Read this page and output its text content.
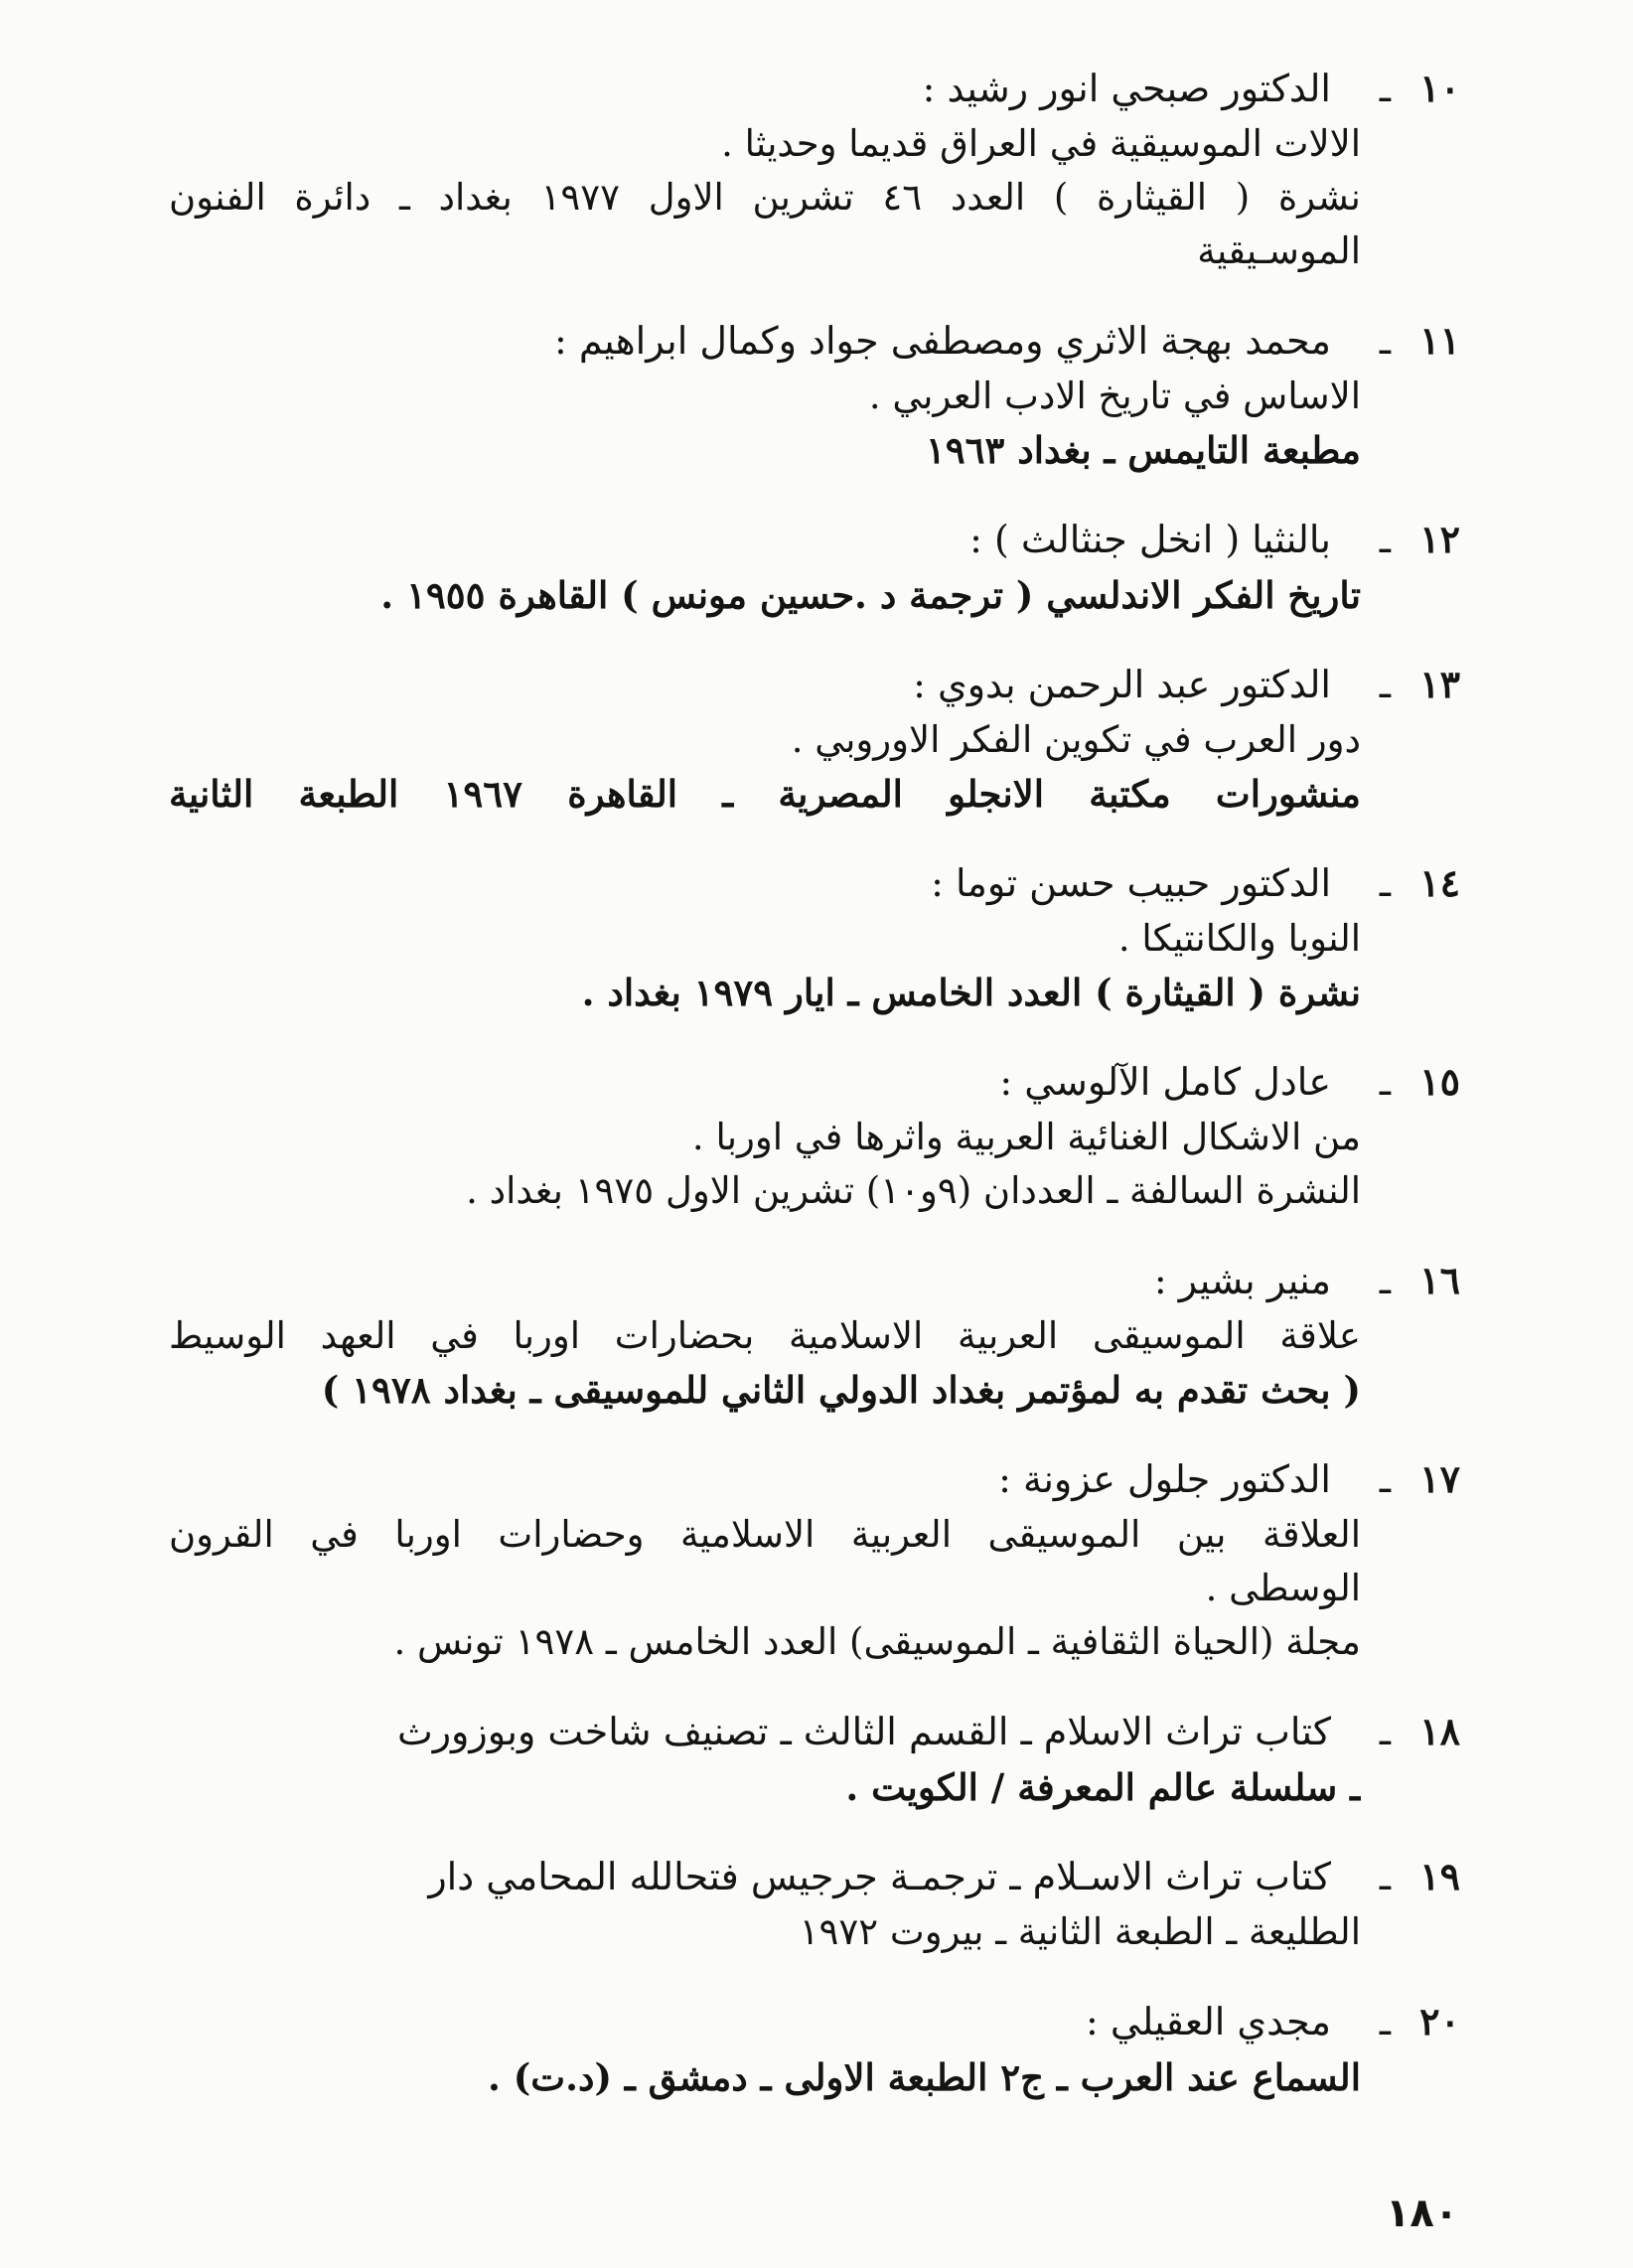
١٠
ـ
الدكتور صبحي انور رشيد :
الالات الموسيقية في العراق قديما وحديثا .
نشرة ( القيثارة ) العدد ٤٦ تشرين الاول ١٩٧٧ بغداد ـ دائرة الفنون
الموسـيقية
١١
ـ
محمد بهجة الاثري ومصطفى جواد وكمال ابراهيم :
الاساس في تاريخ الادب العربي .
مطبعة التايمس ـ بغداد ١٩٦٣
١٢
ـ
بالنثيا ( انخل جنثالث ) :
تاريخ الفكر الاندلسي ( ترجمة د .حسين مونس ) القاهرة ١٩٥٥ .
١٣
ـ
الدكتور عبد الرحمن بدوي :
دور العرب في تكوين الفكر الاوروبي .
منشورات مكتبة الانجلو المصرية ـ القاهرة ١٩٦٧ الطبعة الثانية
١٤
ـ
الدكتور حبيب حسن توما :
النوبا والكانتيكا .
نشرة ( القيثارة ) العدد الخامس ـ ايار ١٩٧٩ بغداد .
١٥
ـ
عادل كامل الآلوسي :
من الاشكال الغنائية العربية واثرها في اوربا .
النشرة السالفة ـ العددان (٩و١٠) تشرين الاول ١٩٧٥ بغداد .
١٦
ـ
منير بشير :
علاقة الموسيقى العربية الاسلامية بحضارات اوربا في العهد الوسيط
( بحث تقدم به لمؤتمر بغداد الدولي الثاني للموسيقى ـ بغداد ١٩٧٨ )
١٧
ـ
الدكتور جلول عزونة :
العلاقة بين الموسيقى العربية الاسلامية وحضارات اوربا في القرون
الوسطى .
مجلة (الحياة الثقافية ـ الموسيقى) العدد الخامس ـ ١٩٧٨ تونس .
١٨
ـ
كتاب تراث الاسلام ـ القسم الثالث ـ تصنيف شاخت وبوزورث
ـ سلسلة عالم المعرفة / الكويت .
١٩
ـ
كتاب تراث الاسـلام ـ ترجمـة جرجيس فتحالله المحامي دار
الطليعة ـ الطبعة الثانية ـ بيروت ١٩٧٢
٢٠
ـ
مجدي العقيلي :
السماع عند العرب ـ ج٢ الطبعة الاولى ـ دمشق ـ (د.ت) .
١٨٠
